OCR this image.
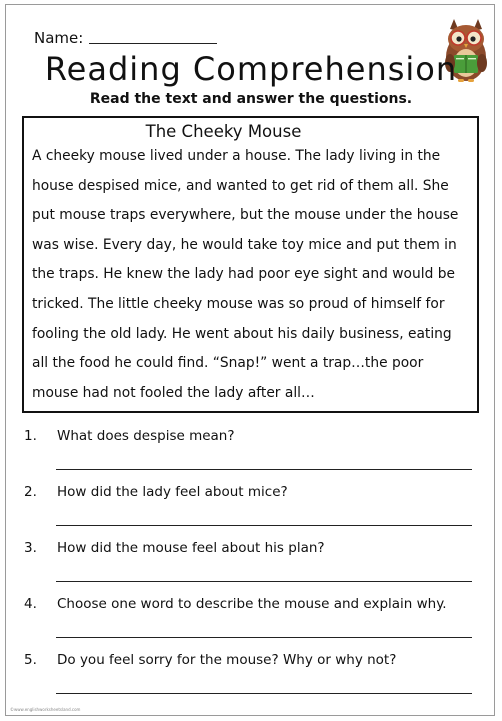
Name:
Reading Comprehension
Read the text and answer the questions.
The Cheeky Mouse

A cheeky mouse lived under a house. The lady living in the house despised mice, and wanted to get rid of them all. She put mouse traps everywhere, but the mouse under the house was wise. Every day, he would take toy mice and put them in the traps. He knew the lady had poor eye sight and would be tricked. The little cheeky mouse was so proud of himself for fooling the old lady. He went about his daily business, eating all the food he could find. “Snap!” went a trap…the poor mouse had not fooled the lady after all…

1. What does despise mean?
2. How did the lady feel about mice?
3. How did the mouse feel about his plan?
4. Choose one word to describe the mouse and explain why.
5. Do you feel sorry for the mouse? Why or why not?
©www.englishworksheetsland.com
